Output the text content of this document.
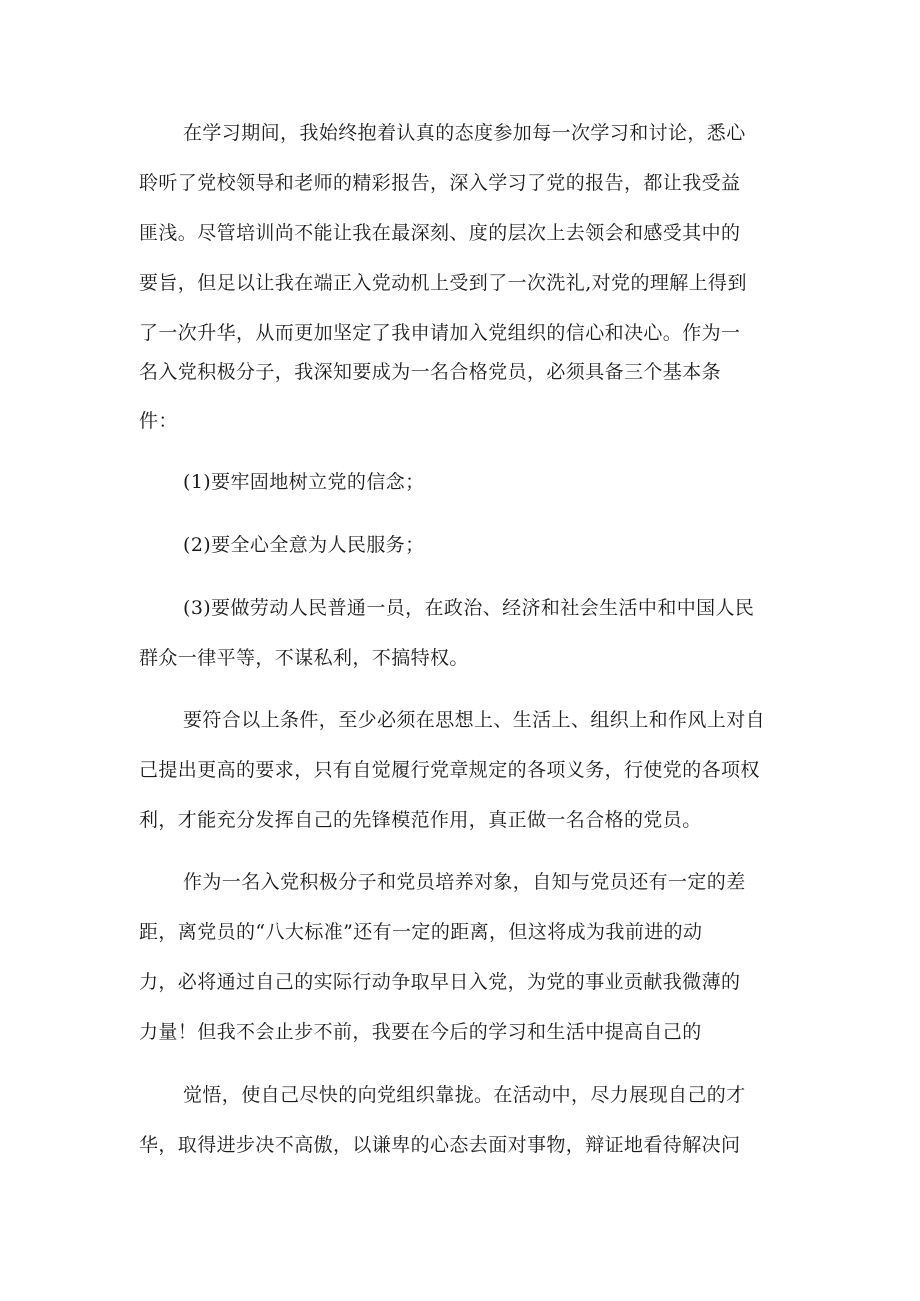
在学习期间，我始终抱着认真的态度参加每一次学习和讨论，悉心
聆听了党校领导和老师的精彩报告，深入学习了党的报告，都让我受益
匪浅。尽管培训尚不能让我在最深刻、度的层次上去领会和感受其中的
要旨，但足以让我在端正入党动机上受到了一次洗礼,对党的理解上得到
了一次升华，从而更加坚定了我申请加入党组织的信心和决心。作为一
名入党积极分子，我深知要成为一名合格党员，必须具备三个基本条
件：
(1)要牢固地树立党的信念；
(2)要全心全意为人民服务；
(3)要做劳动人民普通一员，在政治、经济和社会生活中和中国人民
群众一律平等，不谋私利，不搞特权。
要符合以上条件，至少必须在思想上、生活上、组织上和作风上对自
己提出更高的要求，只有自觉履行党章规定的各项义务，行使党的各项权
利，才能充分发挥自己的先锋模范作用，真正做一名合格的党员。
作为一名入党积极分子和党员培养对象，自知与党员还有一定的差
距，离党员的“八大标准”还有一定的距离，但这将成为我前进的动
力，必将通过自己的实际行动争取早日入党，为党的事业贡献我微薄的
力量！但我不会止步不前，我要在今后的学习和生活中提高自己的
觉悟，使自己尽快的向党组织靠拢。在活动中，尽力展现自己的才
华，取得进步决不高傲，以谦卑的心态去面对事物，辩证地看待解决问
